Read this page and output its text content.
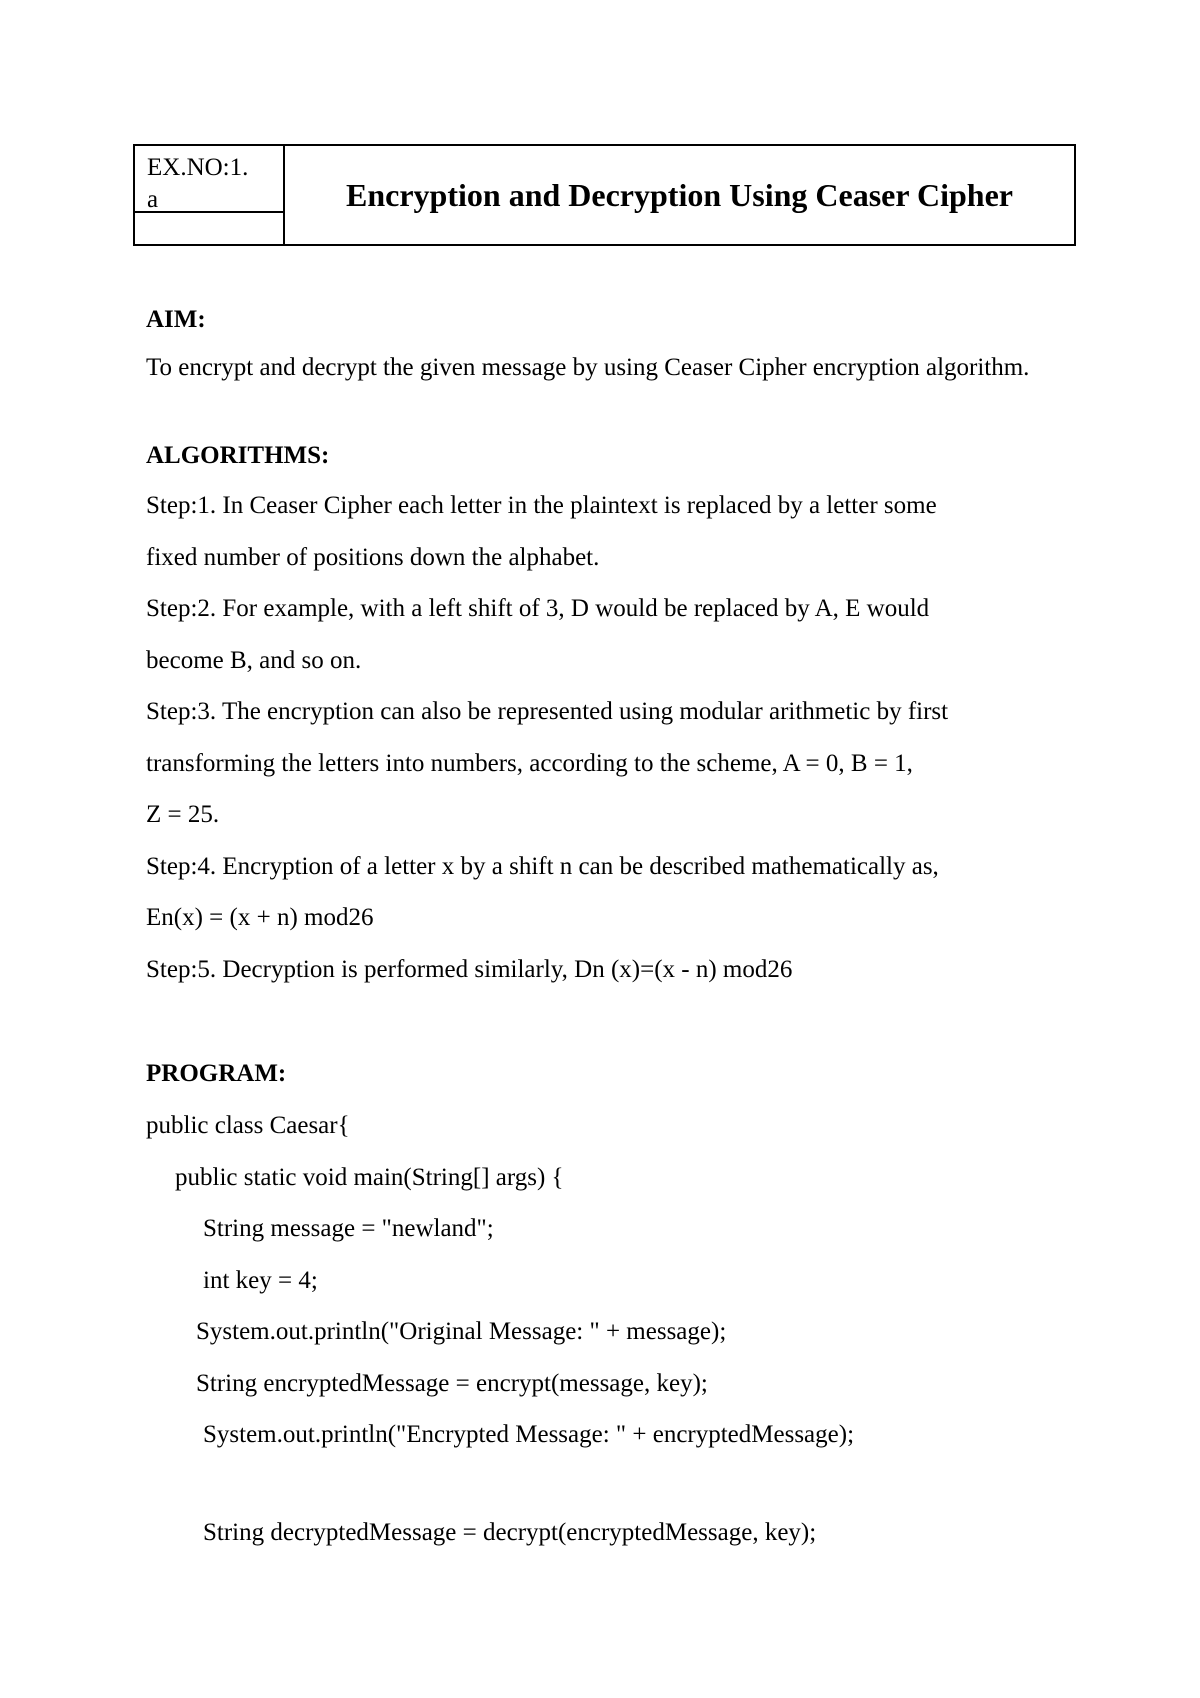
EX.NO:1.
a	Encryption and Decryption Using Ceaser Cipher
AIM:
To encrypt and decrypt the given message by using Ceaser Cipher encryption algorithm.
ALGORITHMS:
Step:1. In Ceaser Cipher each letter in the plaintext is replaced by a letter some
fixed number of positions down the alphabet.
Step:2. For example, with a left shift of 3, D would be replaced by A, E would
become B, and so on.
Step:3. The encryption can also be represented using modular arithmetic by first
transforming the letters into numbers, according to the scheme, A = 0, B = 1,
Z = 25.
Step:4. Encryption of a letter x by a shift n can be described mathematically as,
En(x) = (x + n) mod26
Step:5. Decryption is performed similarly, Dn (x)=(x - n) mod26
PROGRAM:
public class Caesar{
public static void main(String[] args) {
String message = "newland";
int key = 4;
System.out.println("Original Message: " + message);
String encryptedMessage = encrypt(message, key);
System.out.println("Encrypted Message: " + encryptedMessage);
String decryptedMessage = decrypt(encryptedMessage, key);
